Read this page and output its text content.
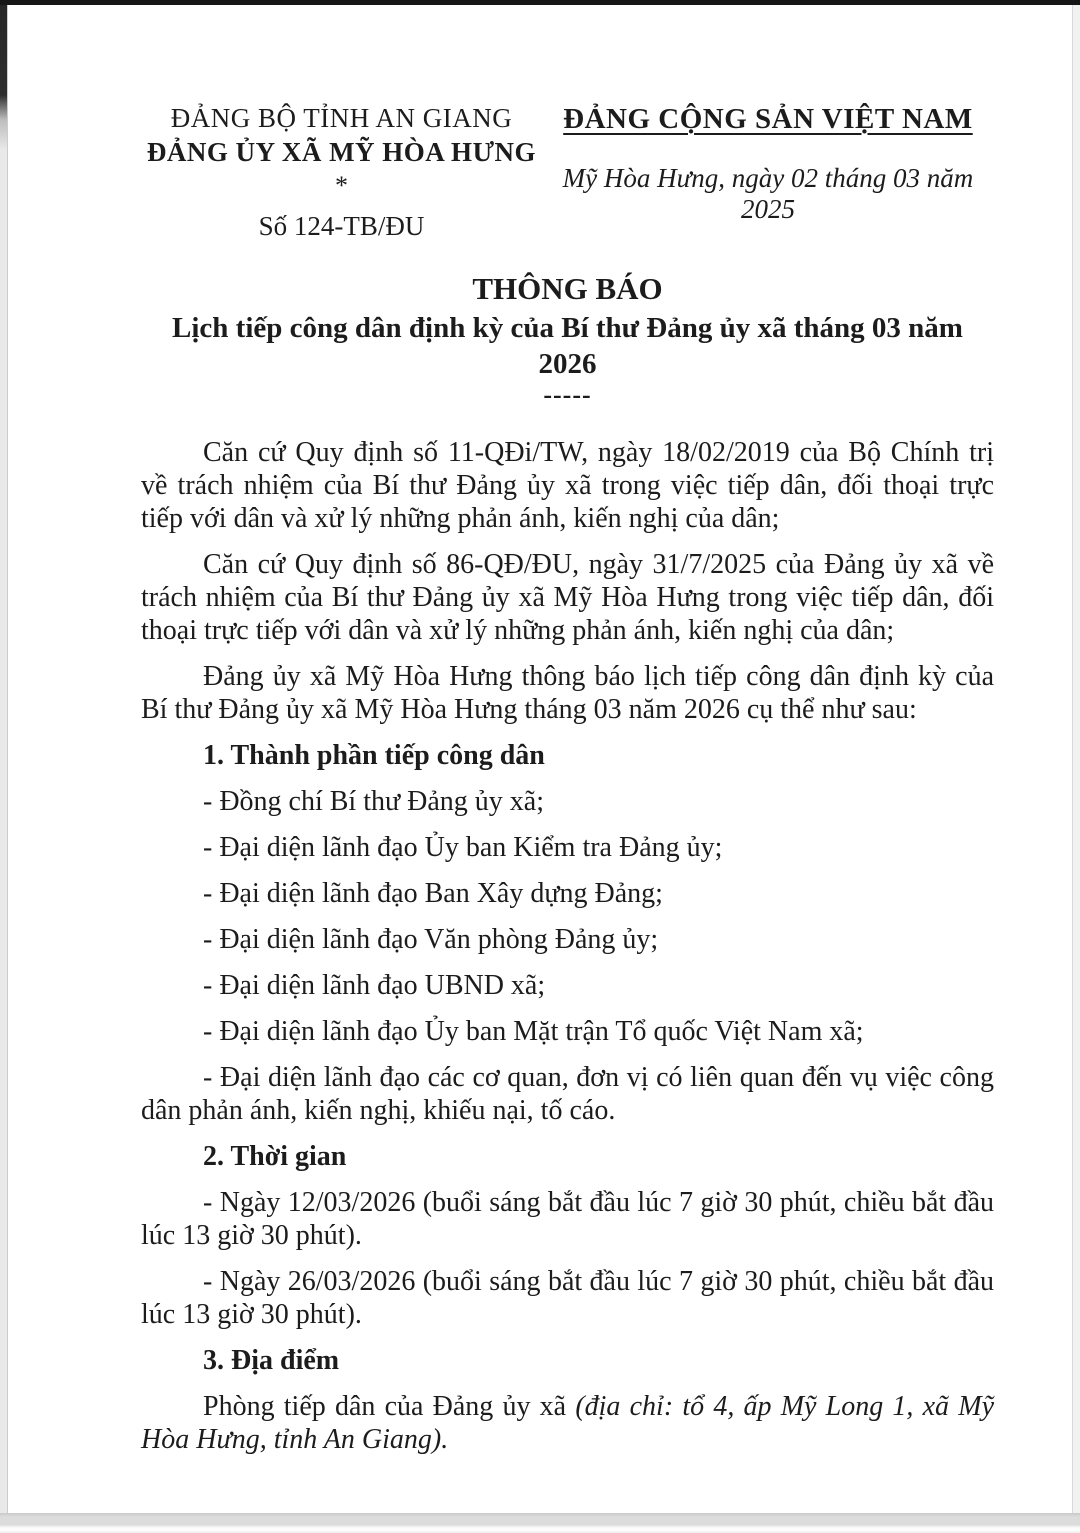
ĐẢNG BỘ TỈNH AN GIANG
ĐẢNG ỦY XÃ MỸ HÒA HƯNG
*
Số 124-TB/ĐU
ĐẢNG CỘNG SẢN VIỆT NAM
Mỹ Hòa Hưng, ngày 02 tháng 03 năm 2025
THÔNG BÁO
Lịch tiếp công dân định kỳ của Bí thư Đảng ủy xã tháng 03 năm 2026
-----

Căn cứ Quy định số 11-QĐi/TW, ngày 18/02/2019 của Bộ Chính trị về trách nhiệm của Bí thư Đảng ủy xã trong việc tiếp dân, đối thoại trực tiếp với dân và xử lý những phản ánh, kiến nghị của dân;

Căn cứ Quy định số 86-QĐ/ĐU, ngày 31/7/2025 của Đảng ủy xã về trách nhiệm của Bí thư Đảng ủy xã Mỹ Hòa Hưng trong việc tiếp dân, đối thoại trực tiếp với dân và xử lý những phản ánh, kiến nghị của dân;

Đảng ủy xã Mỹ Hòa Hưng thông báo lịch tiếp công dân định kỳ của Bí thư Đảng ủy xã Mỹ Hòa Hưng tháng 03 năm 2026 cụ thể như sau:

1. Thành phần tiếp công dân

- Đồng chí Bí thư Đảng ủy xã;

- Đại diện lãnh đạo Ủy ban Kiểm tra Đảng ủy;

- Đại diện lãnh đạo Ban Xây dựng Đảng;

- Đại diện lãnh đạo Văn phòng Đảng ủy;

- Đại diện lãnh đạo UBND xã;

- Đại diện lãnh đạo Ủy ban Mặt trận Tổ quốc Việt Nam xã;

- Đại diện lãnh đạo các cơ quan, đơn vị có liên quan đến vụ việc công dân phản ánh, kiến nghị, khiếu nại, tố cáo.

2. Thời gian

- Ngày 12/03/2026 (buổi sáng bắt đầu lúc 7 giờ 30 phút, chiều bắt đầu lúc 13 giờ 30 phút).

- Ngày 26/03/2026 (buổi sáng bắt đầu lúc 7 giờ 30 phút, chiều bắt đầu lúc 13 giờ 30 phút).

3. Địa điểm

Phòng tiếp dân của Đảng ủy xã (địa chỉ: tổ 4, ấp Mỹ Long 1, xã Mỹ Hòa Hưng, tỉnh An Giang).
